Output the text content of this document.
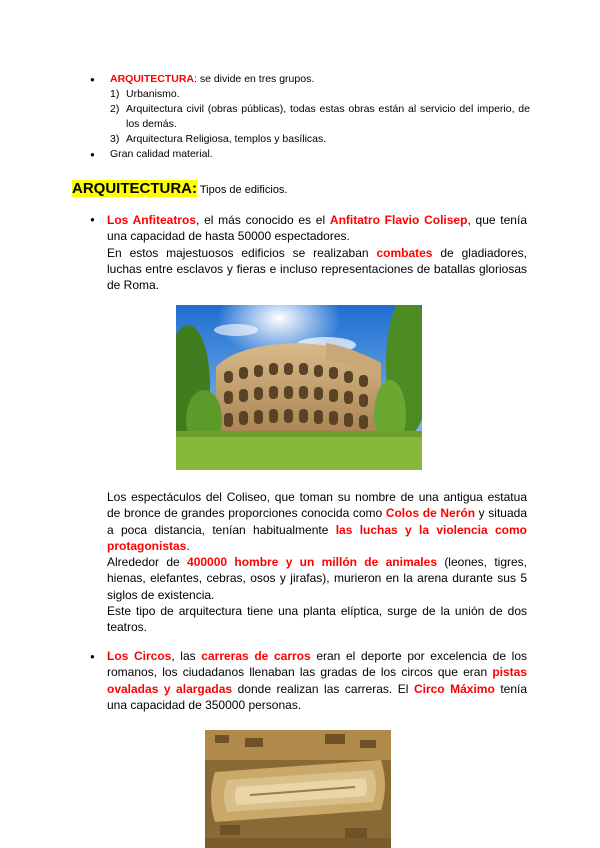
● ARQUITECTURA: se divide en tres grupos.
1) Urbanismo.
2) Arquitectura civil (obras públicas), todas estas obras están al servicio del imperio, de los demás.
3) Arquitectura Religiosa, templos y basílicas.
● Gran calidad material.
ARQUITECTURA: Tipos de edificios.
● Los Anfiteatros, el más conocido es el Anfitatro Flavio Colisep, que tenía una capacidad de hasta 50000 espectadores.
En estos majestuosos edificios se realizaban combates de gladiadores, luchas entre esclavos y fieras e incluso representaciones de batallas gloriosas de Roma.
Los espectáculos del Coliseo, que toman su nombre de una antigua estatua de bronce de grandes proporciones conocida como Colos de Nerón y situada a poca distancia, tenían habitualmente las luchas y la violencia como protagonistas.
Alrededor de 400000 hombre y un millón de animales (leones, tigres, hienas, elefantes, cebras, osos y jirafas), murieron en la arena durante sus 5 siglos de existencia.
Este tipo de arquitectura tiene una planta elíptica, surge de la unión de dos teatros.
● Los Circos, las carreras de carros eran el deporte por excelencia de los romanos, los ciudadanos llenaban las gradas de los circos que eran pistas ovaladas y alargadas donde realizan las carreras. El Circo Máximo tenía una capacidad de 350000 personas.
